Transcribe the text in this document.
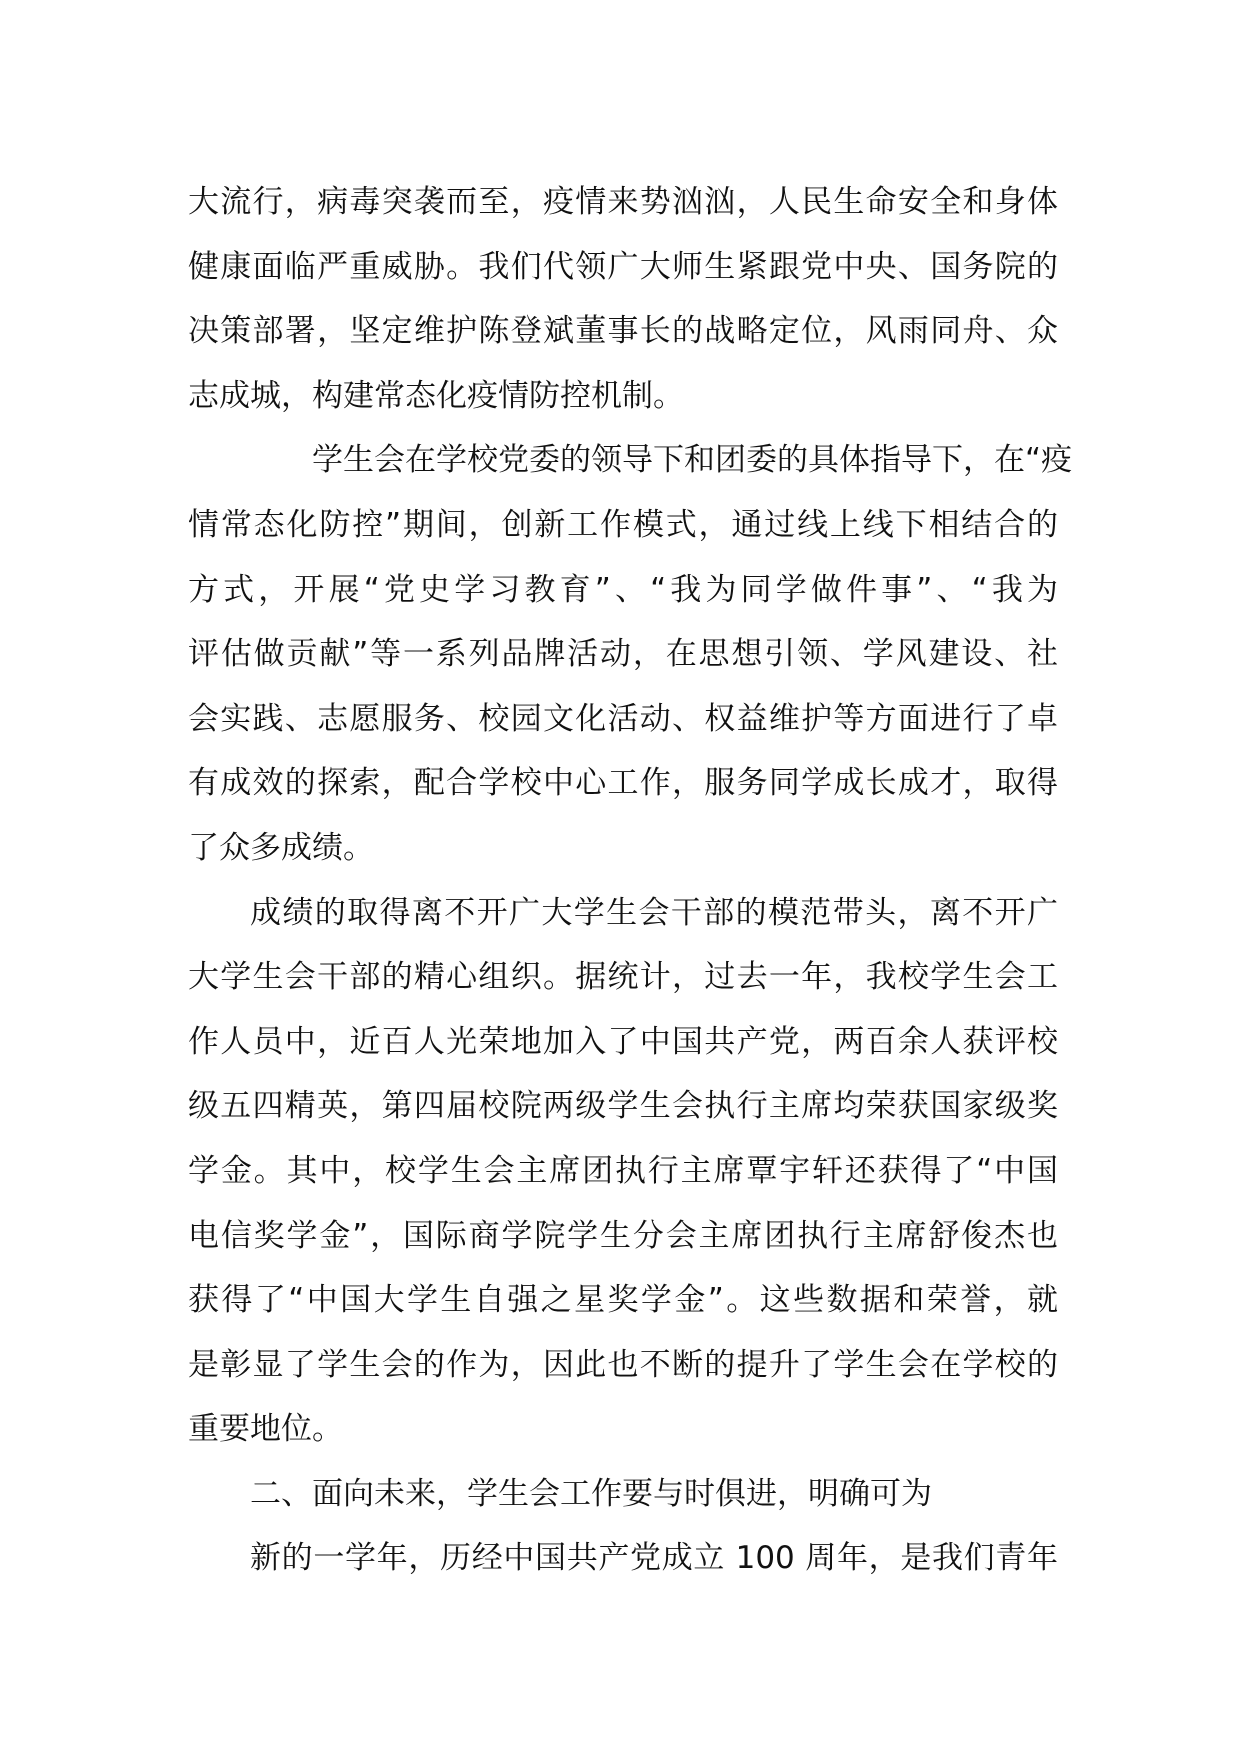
大流行，病毒突袭而至，疫情来势汹汹，人民生命安全和身体
健康面临严重威胁。我们代领广大师生紧跟党中央、国务院的
决策部署，坚定维护陈登斌董事长的战略定位，风雨同舟、众
志成城，构建常态化疫情防控机制。
学生会在学校党委的领导下和团委的具体指导下，在“疫
情常态化防控”期间，创新工作模式，通过线上线下相结合的
方式，开展“党史学习教育”、“我为同学做件事”、“我为
评估做贡献”等一系列品牌活动，在思想引领、学风建设、社
会实践、志愿服务、校园文化活动、权益维护等方面进行了卓
有成效的探索，配合学校中心工作，服务同学成长成才，取得
了众多成绩。
成绩的取得离不开广大学生会干部的模范带头，离不开广
大学生会干部的精心组织。据统计，过去一年，我校学生会工
作人员中，近百人光荣地加入了中国共产党，两百余人获评校
级五四精英，第四届校院两级学生会执行主席均荣获国家级奖
学金。其中，校学生会主席团执行主席覃宇轩还获得了“中国
电信奖学金”，国际商学院学生分会主席团执行主席舒俊杰也
获得了“中国大学生自强之星奖学金”。这些数据和荣誉，就
是彰显了学生会的作为，因此也不断的提升了学生会在学校的
重要地位。

二、面向未来，学生会工作要与时俱进，明确可为

新的一学年，历经中国共产党成立 100 周年，是我们青年
